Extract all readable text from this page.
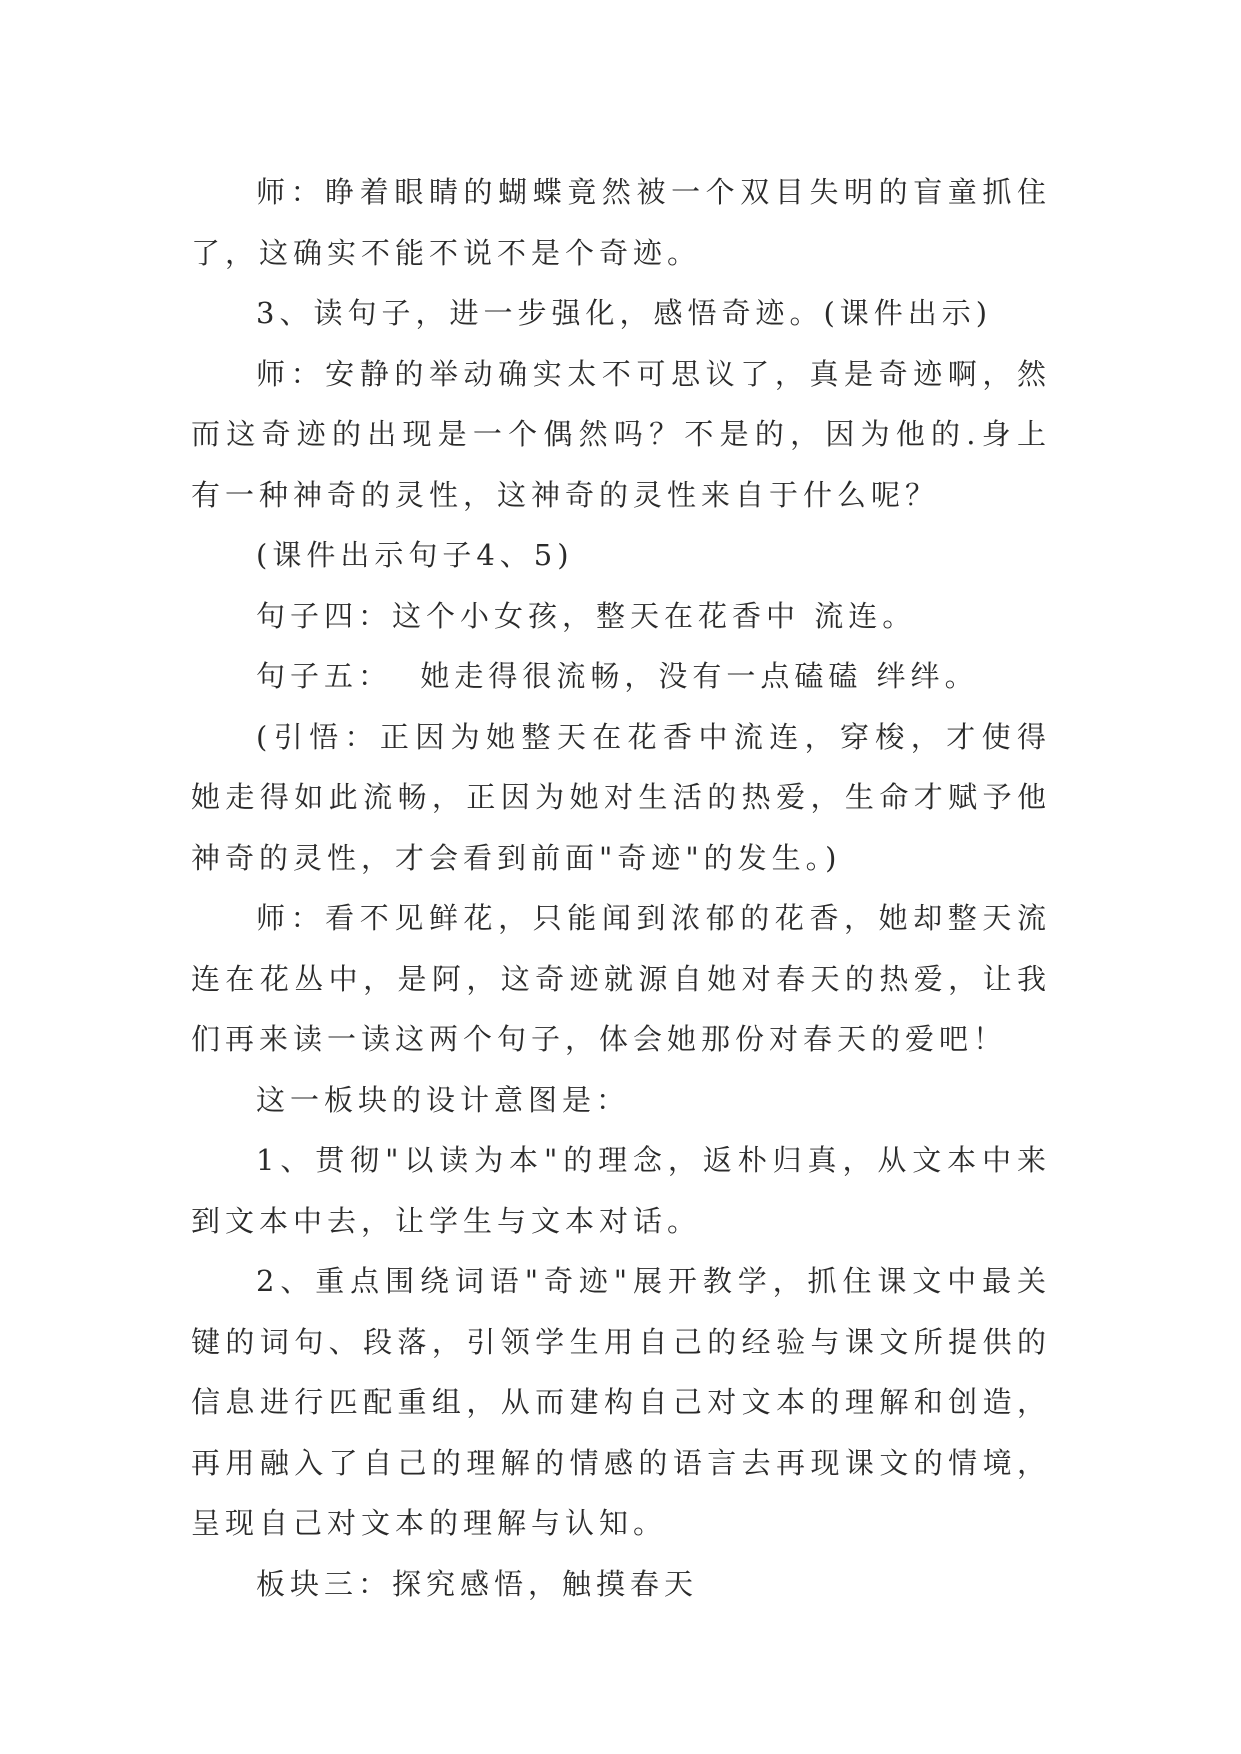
师：睁着眼睛的蝴蝶竟然被一个双目失明的盲童抓住了，这确实不能不说不是个奇迹。

3、读句子，进一步强化，感悟奇迹。(课件出示)

师：安静的举动确实太不可思议了，真是奇迹啊，然而这奇迹的出现是一个偶然吗？不是的，因为他的.身上有一种神奇的灵性，这神奇的灵性来自于什么呢？

(课件出示句子4、5)

句子四：这个小女孩，整天在花香中 流连。

句子五：  她走得很流畅，没有一点磕磕 绊绊。

(引悟：正因为她整天在花香中流连，穿梭，才使得她走得如此流畅，正因为她对生活的热爱，生命才赋予他神奇的灵性，才会看到前面"奇迹"的发生。)

师：看不见鲜花，只能闻到浓郁的花香，她却整天流连在花丛中，是阿，这奇迹就源自她对春天的热爱，让我们再来读一读这两个句子，体会她那份对春天的爱吧！

这一板块的设计意图是：

1、贯彻"以读为本"的理念，返朴归真，从文本中来到文本中去，让学生与文本对话。

2、重点围绕词语"奇迹"展开教学，抓住课文中最关键的词句、段落，引领学生用自己的经验与课文所提供的信息进行匹配重组，从而建构自己对文本的理解和创造，再用融入了自己的理解的情感的语言去再现课文的情境，呈现自己对文本的理解与认知。

板块三：探究感悟，触摸春天
